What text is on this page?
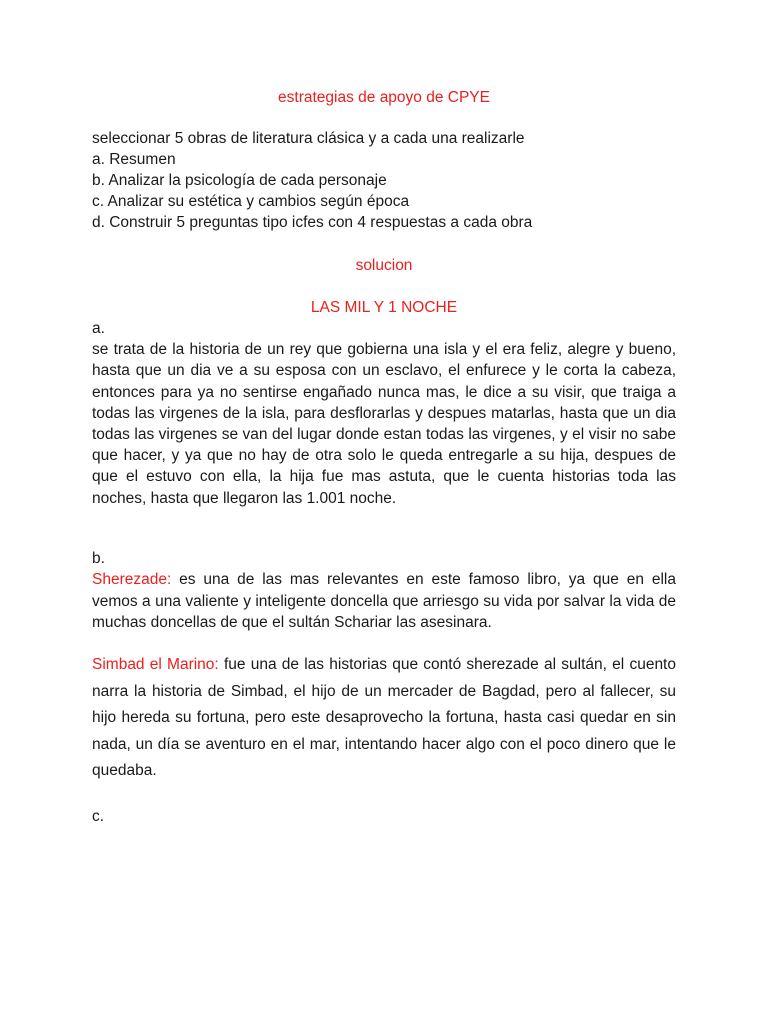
estrategias de apoyo de CPYE
seleccionar 5 obras de literatura clásica y a cada una realizarle
a. Resumen
b. Analizar la psicología de cada personaje
c. Analizar su estética y cambios según época
d. Construir 5 preguntas tipo icfes con 4 respuestas a cada obra
solucion
LAS MIL Y 1 NOCHE
a.
se trata de la historia de un rey que gobierna una isla y el era feliz, alegre y bueno, hasta que un dia ve a su esposa con un esclavo, el enfurece y le corta la cabeza, entonces para ya no sentirse engañado nunca mas, le dice a su visir, que traiga a todas las virgenes de la isla, para desflorarlas y despues matarlas, hasta que un dia todas las virgenes se van del lugar donde estan todas las virgenes, y el visir no sabe que hacer, y ya que no hay de otra solo le queda entregarle a su hija, despues de que el estuvo con ella, la hija fue mas astuta, que le cuenta historias toda las noches, hasta que llegaron las 1.001 noche.
b.
Sherezade: es una de las mas relevantes en este famoso libro, ya que en ella vemos a una valiente y inteligente doncella que arriesgo su vida por salvar la vida de muchas doncellas de que el sultán Schariar las asesinara.
Simbad el Marino: fue una de las historias que contó sherezade al sultán, el cuento narra la historia de Simbad, el hijo de un mercader de Bagdad, pero al fallecer, su hijo hereda su fortuna, pero este desaprovecho la fortuna, hasta casi quedar en sin nada, un día se aventuro en el mar, intentando hacer algo con el poco dinero que le quedaba.
c.
